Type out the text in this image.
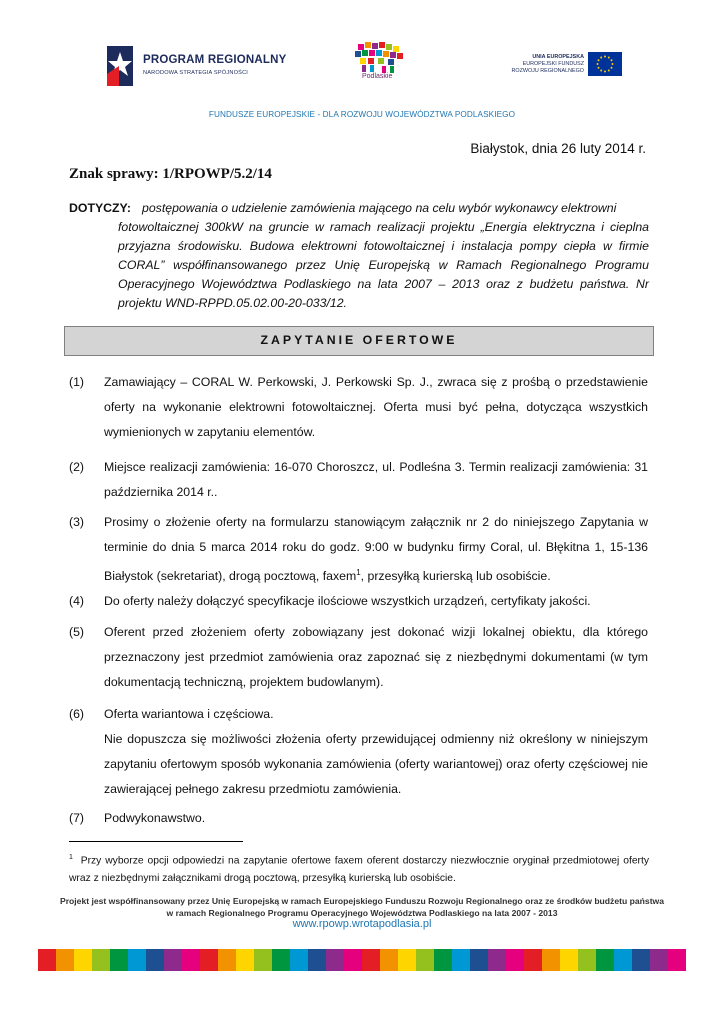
PROGRAM REGIONALNY
NARODOWA STRATEGIA SPÓJNOŚCI	Podlaskie
UNIA EUROPEJSKA
EUROPEJSKI FUNDUSZ
ROZWOJU REGIONALNEGO
FUNDUSZE EUROPEJSKIE - DLA ROZWOJU WOJEWÓDZTWA PODLASKIEGO
Białystok, dnia 26 luty 2014 r.
Znak sprawy: 1/RPOWP/5.2/14
DOTYCZY: postępowania o udzielenie zamówienia mającego na celu wybór wykonawcy elektrowni
fotowoltaicznej 300kW na gruncie w ramach realizacji projektu „Energia elektryczna i cieplna przyjazna środowisku. Budowa elektrowni fotowoltaicznej i instalacja pompy ciepła w firmie CORAL” współfinansowanego przez Unię Europejską w Ramach Regionalnego Programu Operacyjnego Województwa Podlaskiego na lata 2007 – 2013 oraz z budżetu państwa. Nr projektu WND-RPPD.05.02.00-20-033/12.
ZAPYTANIE OFERTOWE
(1) Zamawiający – CORAL W. Perkowski, J. Perkowski Sp. J., zwraca się z prośbą o przedstawienie oferty na wykonanie elektrowni fotowoltaicznej. Oferta musi być pełna, dotycząca wszystkich wymienionych w zapytaniu elementów.
(2) Miejsce realizacji zamówienia: 16-070 Choroszcz, ul. Podleśna 3. Termin realizacji zamówienia: 31 października 2014 r..
(3) Prosimy o złożenie oferty na formularzu stanowiącym załącznik nr 2 do niniejszego Zapytania w terminie do dnia 5 marca 2014 roku do godz. 9:00 w budynku firmy Coral, ul. Błękitna 1, 15-136 Białystok (sekretariat), drogą pocztową, faxem$^1$, przesyłką kurierską lub osobiście.
(4) Do oferty należy dołączyć specyfikacje ilościowe wszystkich urządzeń, certyfikaty jakości.
(5) Oferent przed złożeniem oferty zobowiązany jest dokonać wizji lokalnej obiektu, dla którego przeznaczony jest przedmiot zamówienia oraz zapoznać się z niezbędnymi dokumentami (w tym dokumentacją techniczną, projektem budowlanym).
(6) Oferta wariantowa i częściowa.

Nie dopuszcza się możliwości złożenia oferty przewidującej odmienny niż określony w niniejszym zapytaniu ofertowym sposób wykonania zamówienia (oferty wariantowej) oraz oferty częściowej nie zawierającej pełnego zakresu przedmiotu zamówienia.

(7) Podwykonawstwo.
$^1$ Przy wyborze opcji odpowiedzi na zapytanie ofertowe faxem oferent dostarczy niezwłocznie oryginał przedmiotowej oferty wraz z niezbędnymi załącznikami drogą pocztową, przesyłką kurierską lub osobiście.
Projekt jest współfinansowany przez Unię Europejską w ramach Europejskiego Funduszu Rozwoju Regionalnego oraz ze środków budżetu państwa
w ramach Regionalnego Programu Operacyjnego Województwa Podlaskiego na lata 2007 - 2013
www.rpowp.wrotapodlasia.pl
